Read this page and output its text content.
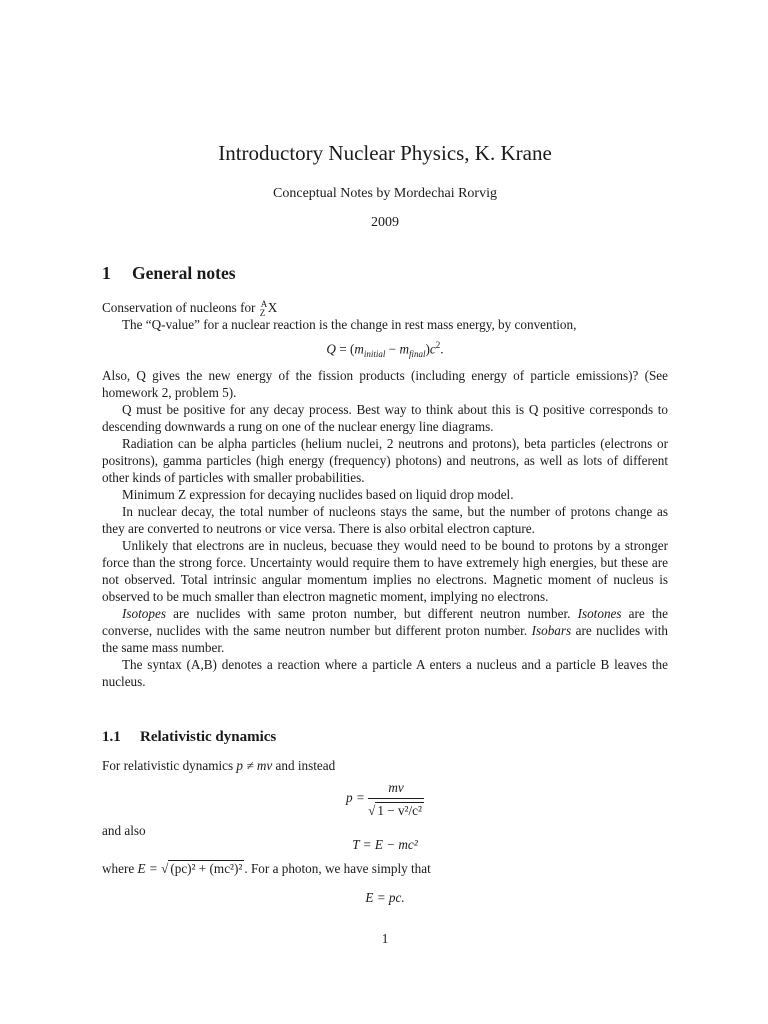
Introductory Nuclear Physics, K. Krane
Conceptual Notes by Mordechai Rorvig
2009
1 General notes

Conservation of nucleons for A
Z X

The “Q-value” for a nuclear reaction is the change in rest mass energy, by convention,

$Q = (m_{initial} - m_{final})c^2$.

Also, Q gives the new energy of the fission products (including energy of particle emissions)? (See homework 2, problem 5).

Q must be positive for any decay process. Best way to think about this is Q positive corresponds to descending downwards a rung on one of the nuclear energy line diagrams.

Radiation can be alpha particles (helium nuclei, 2 neutrons and protons), beta particles (electrons or positrons), gamma particles (high energy (frequency) photons) and neutrons, as well as lots of different other kinds of particles with smaller probabilities.

Minimum Z expression for decaying nuclides based on liquid drop model.

In nuclear decay, the total number of nucleons stays the same, but the number of protons change as they are converted to neutrons or vice versa. There is also orbital electron capture.

Unlikely that electrons are in nucleus, becuase they would need to be bound to protons by a stronger force than the strong force. Uncertainty would require them to have extremely high energies, but these are not observed. Total intrinsic angular momentum implies no electrons. Magnetic moment of nucleus is observed to be much smaller than electron magnetic moment, implying no electrons.

Isotopes are nuclides with same proton number, but different neutron number. Isotones are the converse, nuclides with the same neutron number but different proton number. Isobars are nuclides with the same mass number.

The syntax (A,B) denotes a reaction where a particle A enters a nucleus and a particle B leaves the nucleus.

1.1 Relativistic dynamics
For relativistic dynamics p ≠ mv and instead
$p = \frac{mv}{\text{√ 1 − v²/c²}}$
and also
T = E − mc²
where E = √ (pc)² + (mc²)² . For a photon, we have simply that
E = pc.
1
